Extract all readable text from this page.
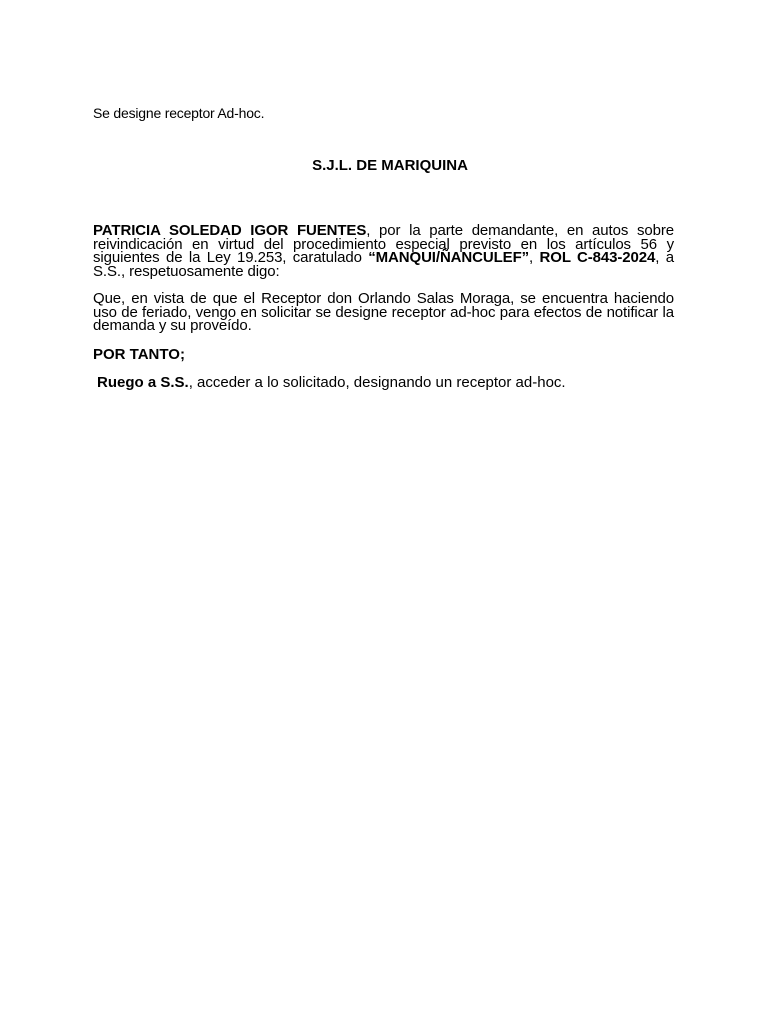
Se designe receptor Ad-hoc.
S.J.L. DE MARIQUINA
PATRICIA SOLEDAD IGOR FUENTES, por la parte demandante, en autos sobre reivindicación en virtud del procedimiento especial previsto en los artículos 56 y siguientes de la Ley 19.253, caratulado “MANQUI/ÑANCULEF”, ROL C-843-2024, a S.S., respetuosamente digo:
Que, en vista de que el Receptor don Orlando Salas Moraga, se encuentra haciendo uso de feriado, vengo en solicitar se designe receptor ad-hoc para efectos de notificar la demanda y su proveído.
POR TANTO;
Ruego a S.S., acceder a lo solicitado, designando un receptor ad-hoc.
